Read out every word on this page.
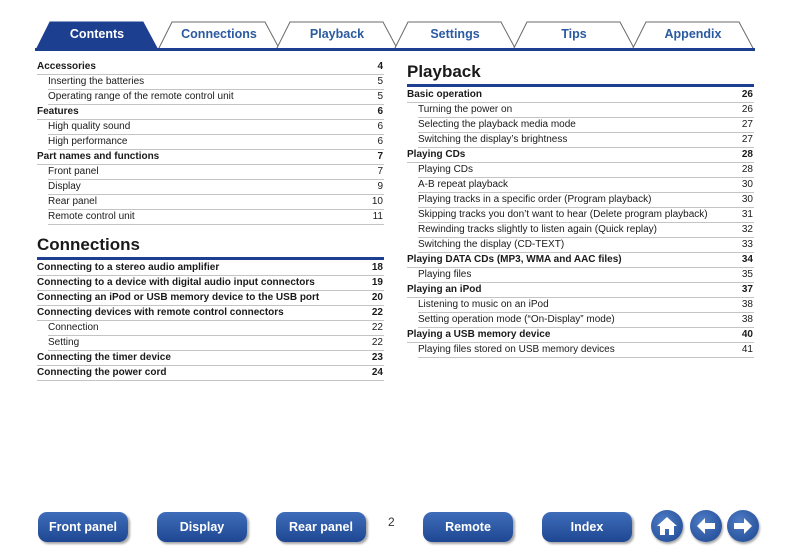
Contents	Connections	Playback	Settings	Tips	Appendix
Accessories	4
Inserting the batteries	5
Operating range of the remote control unit	5
Features	6
High quality sound	6
High performance	6
Part names and functions	7
Front panel	7
Display	9
Rear panel	10
Remote control unit	11
Connections
Connecting to a stereo audio amplifier	18
Connecting to a device with digital audio input connectors	19
Connecting an iPod or USB memory device to the USB port	20
Connecting devices with remote control connectors	22
Connection	22
Setting	22
Connecting the timer device	23
Connecting the power cord	24
Playback
Basic operation	26
Turning the power on	26
Selecting the playback media mode	27
Switching the display’s brightness	27
Playing CDs	28
Playing CDs	28
A-B repeat playback	30
Playing tracks in a specific order (Program playback)	30
Skipping tracks you don’t want to hear (Delete program playback)	31
Rewinding tracks slightly to listen again (Quick replay)	32
Switching the display (CD-TEXT)	33
Playing DATA CDs (MP3, WMA and AAC files)	34
Playing files	35
Playing an iPod	37
Listening to music on an iPod	38
Setting operation mode (“On-Display” mode)	38
Playing a USB memory device	40
Playing files stored on USB memory devices	41
Front panel	Display	Rear panel	2	Remote	Index
